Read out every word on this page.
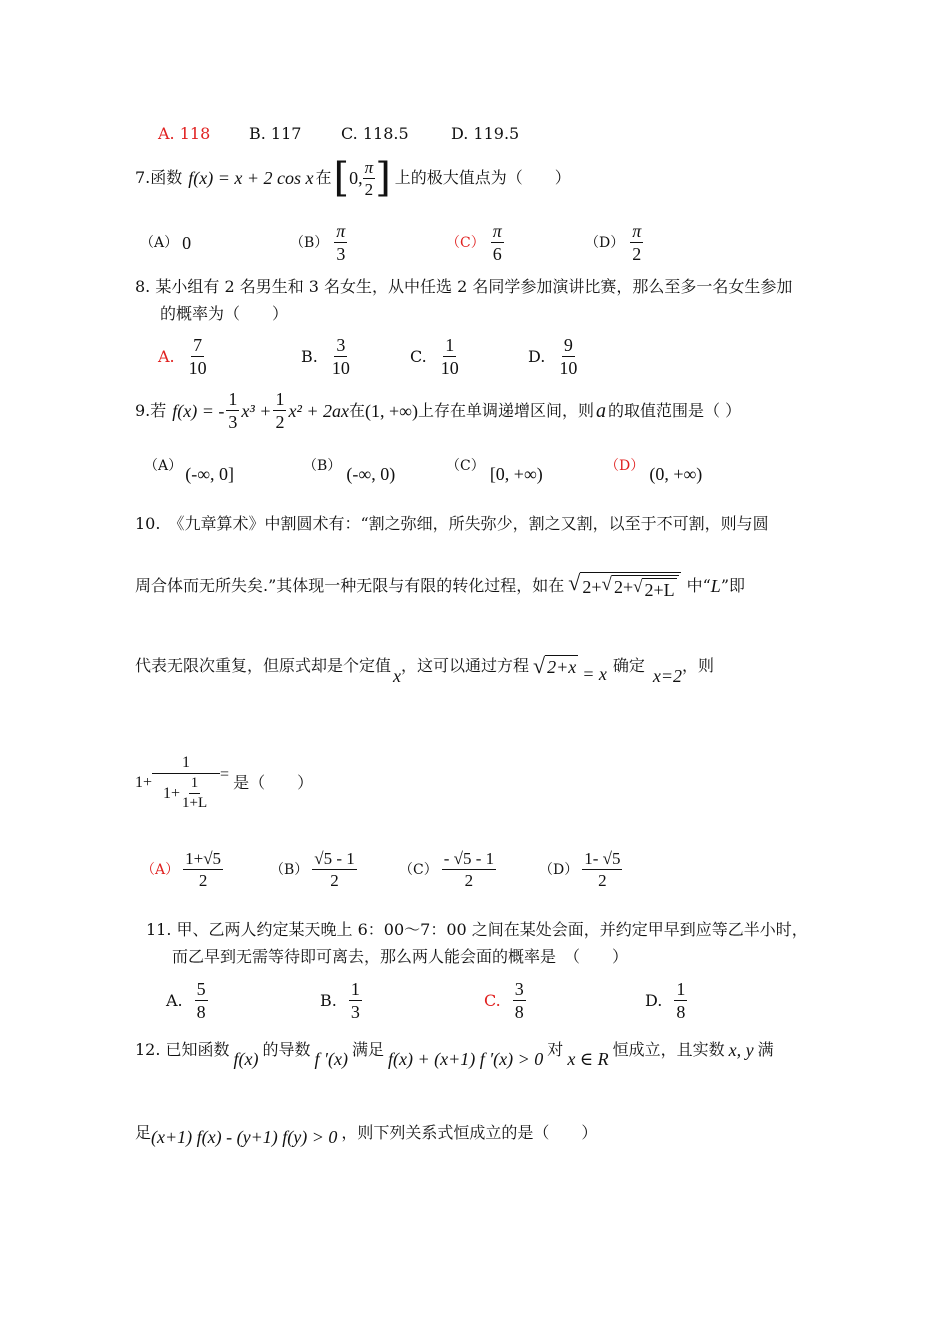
A. 118 B. 117 C. 118.5	D. 119.5
7.函数 f(x) = x + 2 cos x 在 [ 0, $\frac{\pi}{2}$ ] 上的极大值点为（　　）
（A） 0	$(B) \frac{\pi}{3}$	$(C) \frac{\pi}{6}$	$(D) \frac{\pi}{2}$
8. 某小组有 2 名男生和 3 名女生，从中任选 2 名同学参加演讲比赛，那么至多一名女生参加
的概率为（　　）
A. $\frac{7}{10}$	B. $\frac{3}{10}$	C. $\frac{1}{10}$	D. $\frac{9}{10}$
9.若 f(x) = - $\frac{1}{3} x^3 + \frac{1}{2} x^2 + 2ax$ 在 (1, +∞) 上存在单调递增区间，则 a 的取值范围是（ ）
（A） (-∞, 0]	（B） (-∞, 0)	（C） [0, +∞)	（D） (0, +∞)
10.　《九章算术》中割圆术有：“割之弥细，所失弥少，割之又割，以至于不可割，则与圆
周合体而无所失矣.”其体现一种无限与有限的转化过程，如在 √ 2+ √ 2+ √ 2+L 中“ L ”即
代表无限次重复，但原式却是个定值
x
，这可以通过方程 √ 2+x = x 确定
x=2
，则
$1+ \frac{1}{1+ \frac{1}{1+L}}$ = 是（　　）
$(A) \frac{1+√5}{2}$	$(B) \frac{√5 - 1}{2}$	$(C) \frac{- √5 - 1}{2}$	$(D) \frac{1- √5}{2}$
11. 甲、乙两人约定某天晚上 6：00～7：00 之间在某处会面，并约定甲早到应等乙半小时，
而乙早到无需等待即可离去，那么两人能会面的概率是　（　　）
A. $\frac{5}{8}$	B. $\frac{1}{3}$	C. $\frac{3}{8}$	D. $\frac{1}{8}$
12. 已知函数 f(x) 的导数 f ′(x) 满足 f(x) + (x+1) f ′(x) > 0 对 x ∈ R 恒成立，且实数 x, y 满
足 (x+1) f(x) - (y+1) f(y) > 0 ，则下列关系式恒成立的是（　　）
